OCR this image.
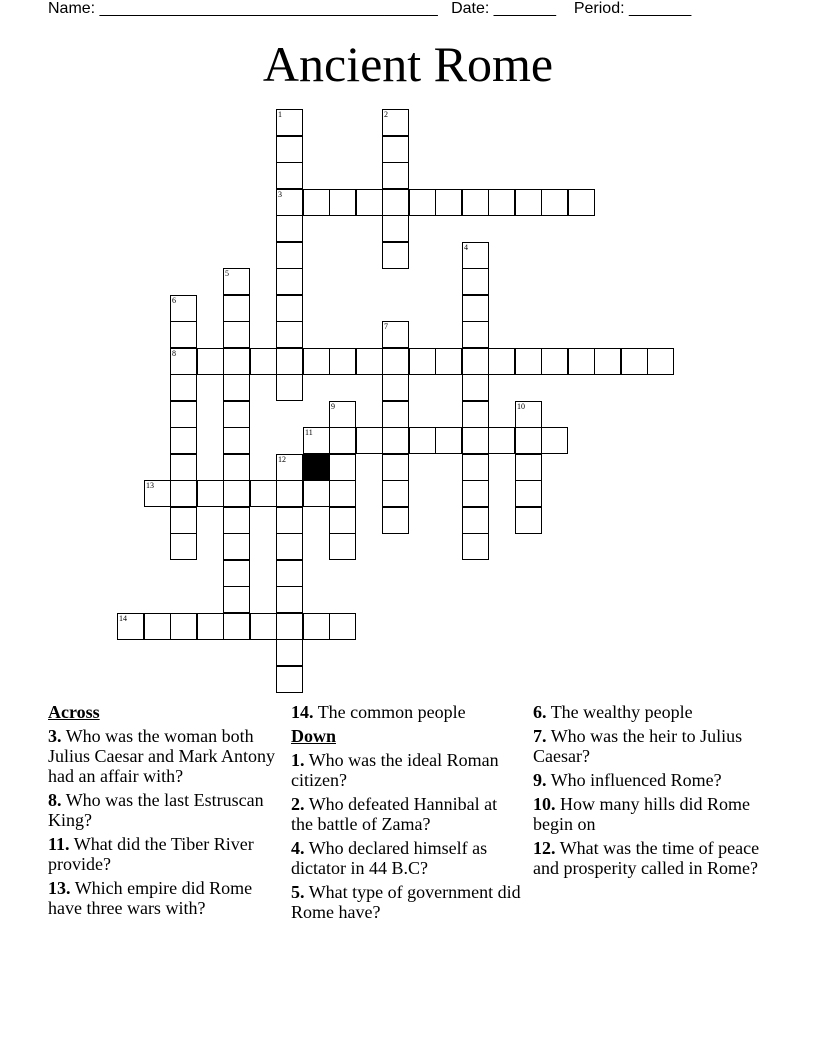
Name: ______________________________________ Date: _______ Period: _______
Ancient Rome
1
3
2
4
5
6
8
7
9	10
11
12
13
14
Across
3. Who was the woman both Julius Caesar and Mark Antony had an affair with?
8. Who was the last Estruscan King?
11. What did the Tiber River provide?
13. Which empire did Rome have three wars with?
14. The common people
Down
1. Who was the ideal Roman citizen?
2. Who defeated Hannibal at the battle of Zama?
4. Who declared himself as dictator in 44 B.C?
5. What type of government did Rome have?
6. The wealthy people
7. Who was the heir to Julius Caesar?
9. Who influenced Rome?
10. How many hills did Rome begin on
12. What was the time of peace and prosperity called in Rome?
